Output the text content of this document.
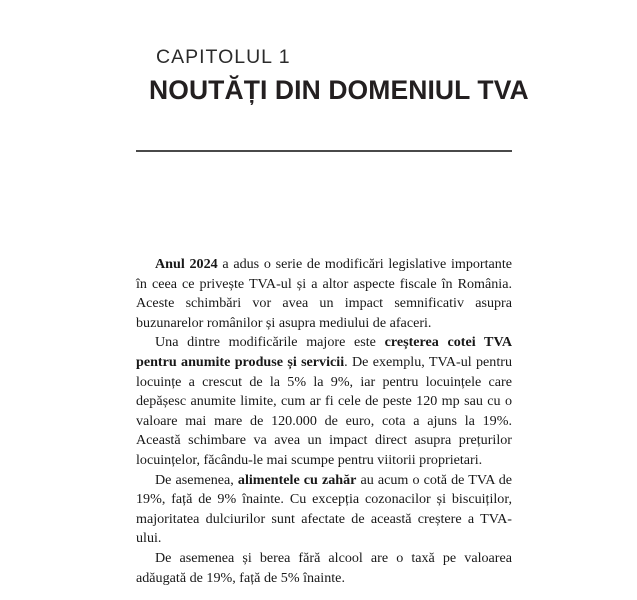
CAPITOLUL 1
NOUTĂȚI DIN DOMENIUL TVA

Anul 2024 a adus o serie de modificări legislative importante în ceea ce privește TVA-ul și a altor aspecte fiscale în România. Aceste schimbări vor avea un impact semnificativ asupra buzunarelor românilor și asupra mediului de afaceri.

Una dintre modificările majore este creșterea cotei TVA pentru anumite produse și servicii. De exemplu, TVA-ul pentru locuințe a crescut de la 5% la 9%, iar pentru locuințele care depășesc anumite limite, cum ar fi cele de peste 120 mp sau cu o valoare mai mare de 120.000 de euro, cota a ajuns la 19%. Această schimbare va avea un impact direct asupra prețurilor locuințelor, făcându-le mai scumpe pentru viitorii proprietari.

De asemenea, alimentele cu zahăr au acum o cotă de TVA de 19%, față de 9% înainte. Cu excepția cozonacilor și biscuiților, majoritatea dulciurilor sunt afectate de această creștere a TVA-ului.

De asemenea și berea fără alcool are o taxă pe valoarea adăugată de 19%, față de 5% înainte.
